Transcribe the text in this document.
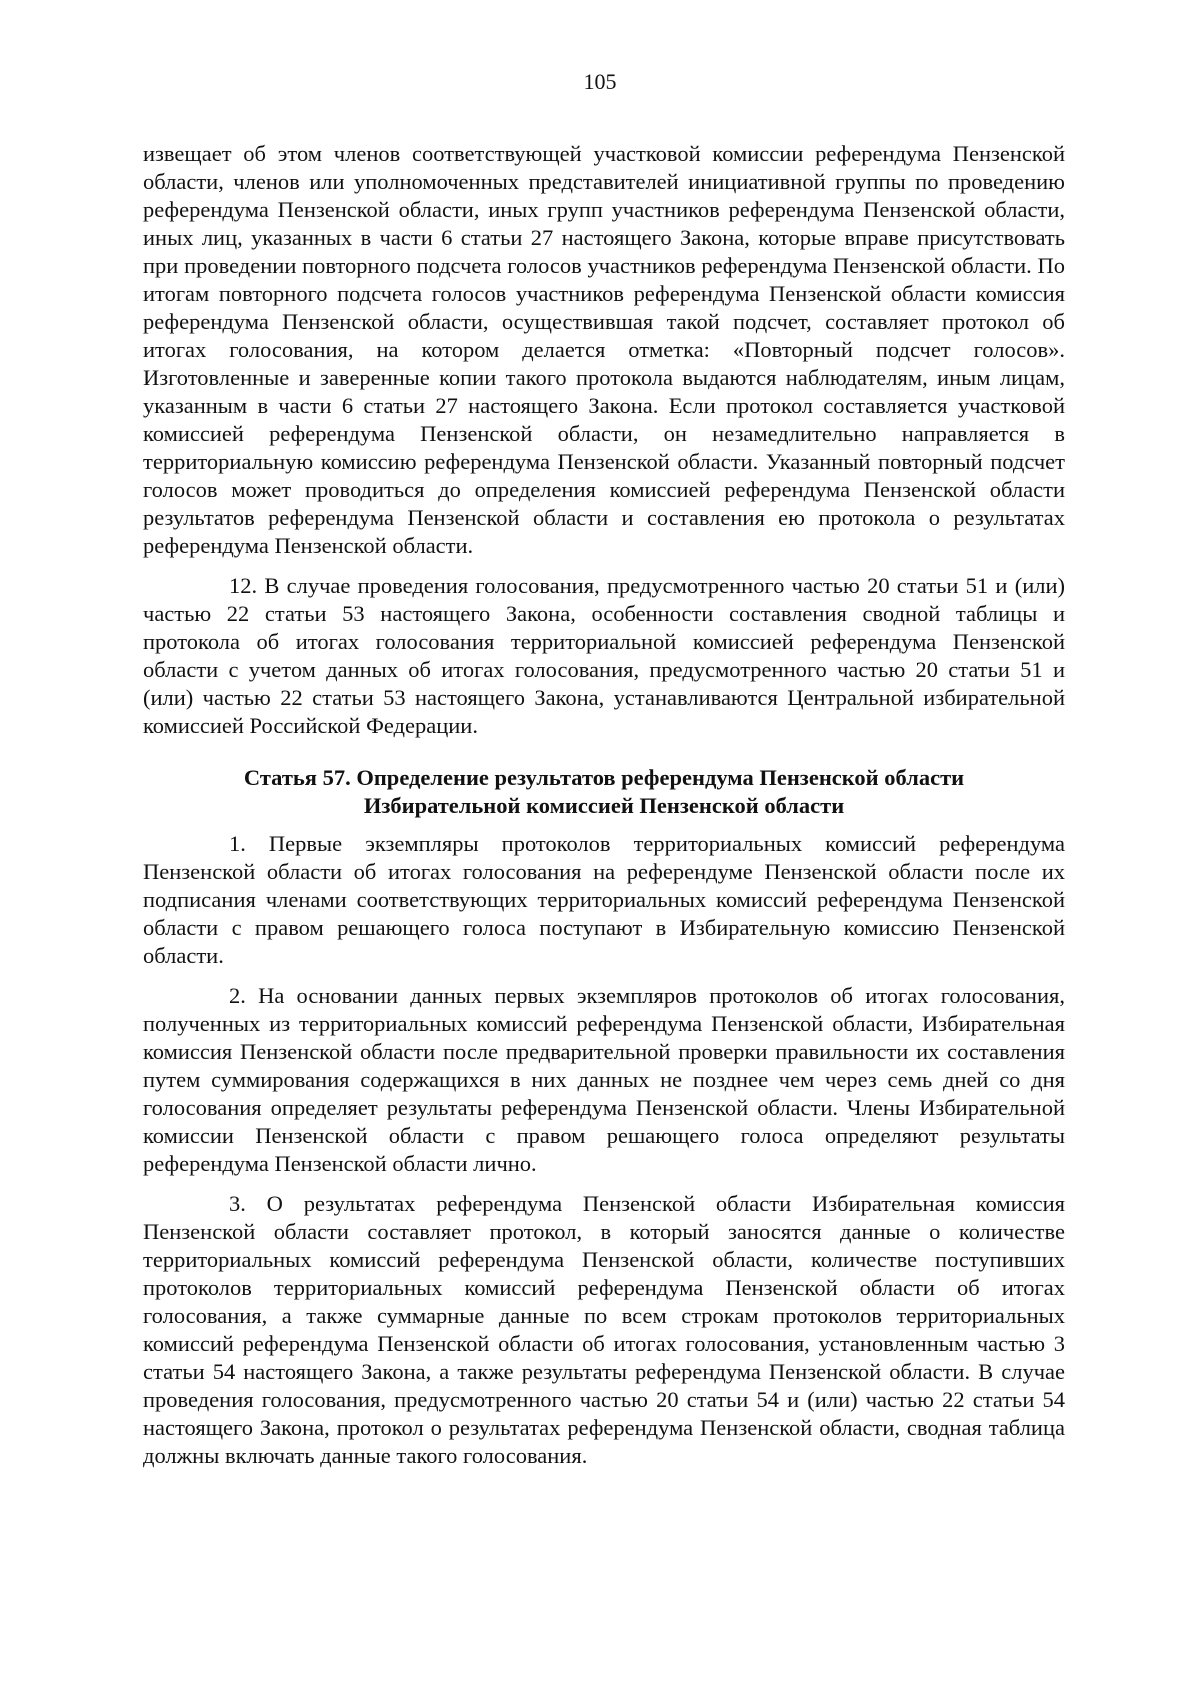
105

извещает об этом членов соответствующей участковой комиссии референдума Пензенской области, членов или уполномоченных представителей инициативной группы по проведению референдума Пензенской области, иных групп участников референдума Пензенской области, иных лиц, указанных в части 6 статьи 27 настоящего Закона, которые вправе присутствовать при проведении повторного подсчета голосов участников референдума Пензенской области. По итогам повторного подсчета голосов участников референдума Пензенской области комиссия референдума Пензенской области, осуществившая такой подсчет, составляет протокол об итогах голосования, на котором делается отметка: «Повторный подсчет голосов». Изготовленные и заверенные копии такого протокола выдаются наблюдателям, иным лицам, указанным в части 6 статьи 27 настоящего Закона. Если протокол составляется участковой комиссией референдума Пензенской области, он незамедлительно направляется в территориальную комиссию референдума Пензенской области. Указанный повторный подсчет голосов может проводиться до определения комиссией референдума Пензенской области результатов референдума Пензенской области и составления ею протокола о результатах референдума Пензенской области.

12. В случае проведения голосования, предусмотренного частью 20 статьи 51 и (или) частью 22 статьи 53 настоящего Закона, особенности составления сводной таблицы и протокола об итогах голосования территориальной комиссией референдума Пензенской области с учетом данных об итогах голосования, предусмотренного частью 20 статьи 51 и (или) частью 22 статьи 53 настоящего Закона, устанавливаются Центральной избирательной комиссией Российской Федерации.

Статья 57. Определение результатов референдума Пензенской области

Избирательной комиссией Пензенской области

1. Первые экземпляры протоколов территориальных комиссий референдума Пензенской области об итогах голосования на референдуме Пензенской области после их подписания членами соответствующих территориальных комиссий референдума Пензенской области с правом решающего голоса поступают в Избирательную комиссию Пензенской области.

2. На основании данных первых экземпляров протоколов об итогах голосования, полученных из территориальных комиссий референдума Пензенской области, Избирательная комиссия Пензенской области после предварительной проверки правильности их составления путем суммирования содержащихся в них данных не позднее чем через семь дней со дня голосования определяет результаты референдума Пензенской области. Члены Избирательной комиссии Пензенской области с правом решающего голоса определяют результаты референдума Пензенской области лично.

3. О результатах референдума Пензенской области Избирательная комиссия Пензенской области составляет протокол, в который заносятся данные о количестве территориальных комиссий референдума Пензенской области, количестве поступивших протоколов территориальных комиссий референдума Пензенской области об итогах голосования, а также суммарные данные по всем строкам протоколов территориальных комиссий референдума Пензенской области об итогах голосования, установленным частью 3 статьи 54 настоящего Закона, а также результаты референдума Пензенской области. В случае проведения голосования, предусмотренного частью 20 статьи 54 и (или) частью 22 статьи 54 настоящего Закона, протокол о результатах референдума Пензенской области, сводная таблица должны включать данные такого голосования.
